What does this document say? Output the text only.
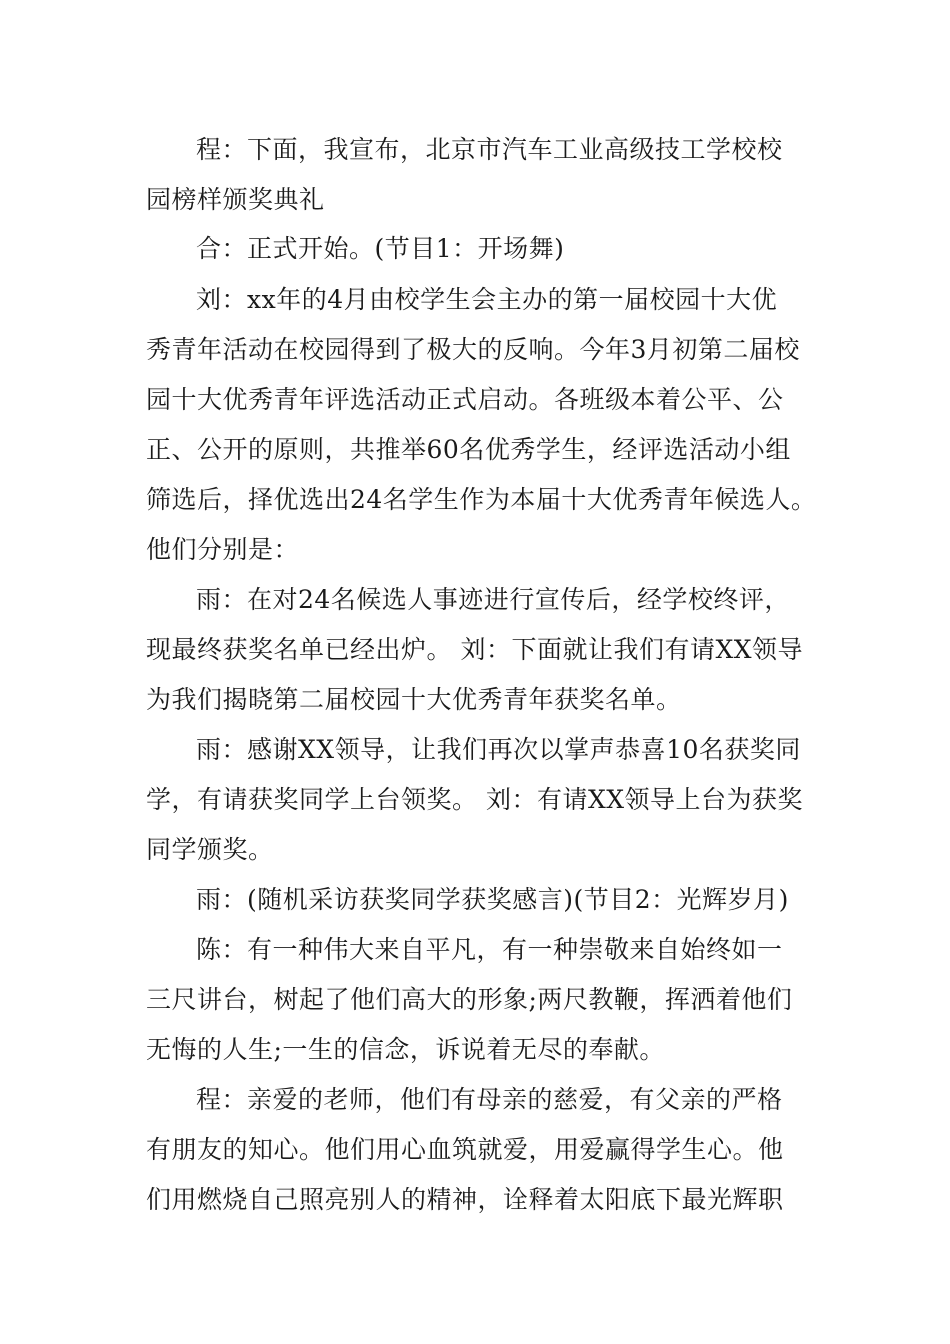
程：下面，我宣布，北京市汽车工业高级技工学校校
园榜样颁奖典礼
合：正式开始。(节目1：开场舞)
刘：xx年的4月由校学生会主办的第一届校园十大优
秀青年活动在校园得到了极大的反响。今年3月初第二届校
园十大优秀青年评选活动正式启动。各班级本着公平、公
正、公开的原则，共推举60名优秀学生，经评选活动小组
筛选后，择优选出24名学生作为本届十大优秀青年候选人。
他们分别是：
雨：在对24名候选人事迹进行宣传后，经学校终评，
现最终获奖名单已经出炉。 刘：下面就让我们有请XX领导
为我们揭晓第二届校园十大优秀青年获奖名单。
雨：感谢XX领导，让我们再次以掌声恭喜10名获奖同
学，有请获奖同学上台领奖。 刘：有请XX领导上台为获奖
同学颁奖。
雨：(随机采访获奖同学获奖感言)(节目2：光辉岁月)
陈：有一种伟大来自平凡，有一种崇敬来自始终如一
三尺讲台，树起了他们高大的形象;两尺教鞭，挥洒着他们
无悔的人生;一生的信念，诉说着无尽的奉献。
程：亲爱的老师，他们有母亲的慈爱，有父亲的严格
有朋友的知心。他们用心血筑就爱，用爱赢得学生心。他
们用燃烧自己照亮别人的精神，诠释着太阳底下最光辉职
